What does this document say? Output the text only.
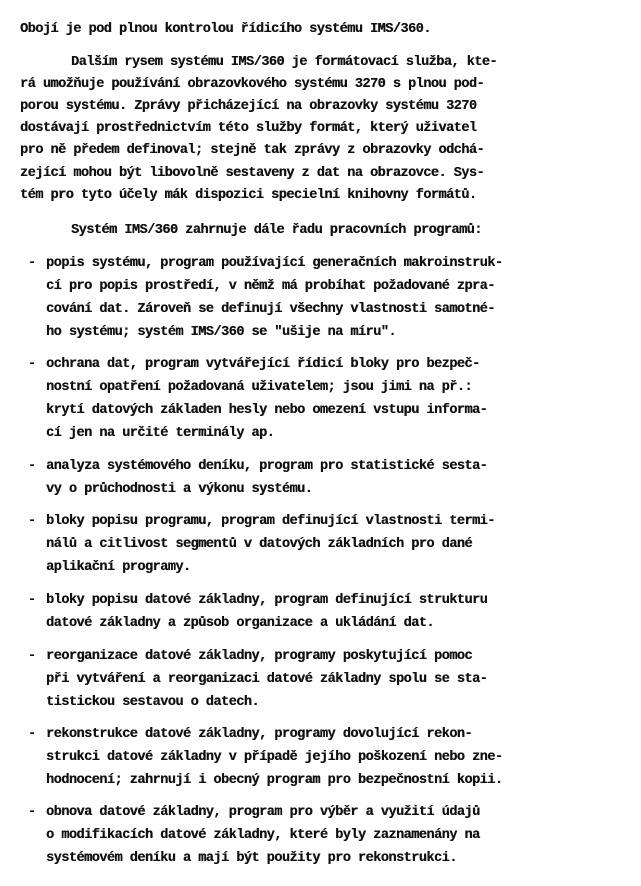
Obojí je pod plnou kontrolou řídicího systému IMS/360.
Dalším rysem systému IMS/360 je formátovací služba, kte-
rá umožňuje používání obrazovkového systému 3270 s plnou pod-
porou systému. Zprávy přicházející na obrazovky systému 3270
dostávají prostřednictvím této služby formát, který uživatel
pro ně předem definoval; stejně tak zprávy z obrazovky odchá-
zející mohou být libovolně sestaveny z dat na obrazovce. Sys-
tém pro tyto účely mák dispozici specielní knihovny formátů.
Systém IMS/360 zahrnuje dále řadu pracovních programů:
- popis systému, program používající generačních makroinstruk-
cí pro popis prostředí, v němž má probíhat požadované zpra-
cování dat. Zároveň se definují všechny vlastnosti samotné-
ho systému; systém IMS/360 se "ušije na míru".
- ochrana dat, program vytvářející řídicí bloky pro bezpeč-
nostní opatření požadovaná uživatelem; jsou jimi na př.:
krytí datových základen hesly nebo omezení vstupu informa-
cí jen na určité terminály ap.
- analyza systémového deníku, program pro statistické sesta-
vy o průchodnosti a výkonu systému.
- bloky popisu programu, program definující vlastnosti termi-
nálů a citlivost segmentů v datových základních pro dané
aplikační programy.
- bloky popisu datové základny, program definující strukturu
datové základny a způsob organizace a ukládání dat.
- reorganizace datové základny, programy poskytující pomoc
při vytváření a reorganizaci datové základny spolu se sta-
tistickou sestavou o datech.
- rekonstrukce datové základny, programy dovolující rekon-
strukci datové základny v případě jejího poškození nebo zne-
hodnocení; zahrnují i obecný program pro bezpečnostní kopii.
- obnova datové základny, program pro výběr a využití údajů
o modifikacích datové základny, které byly zaznamenány na
systémovém deníku a mají být použity pro rekonstrukci.
